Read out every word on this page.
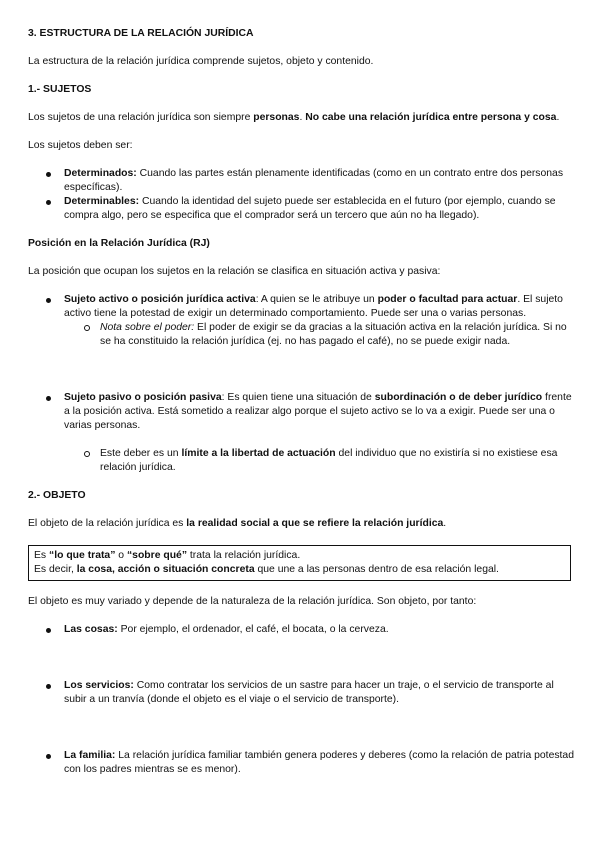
3. ESTRUCTURA DE LA RELACIÓN JURÍDICA

La estructura de la relación jurídica comprende sujetos, objeto y contenido.

1.- SUJETOS

Los sujetos de una relación jurídica son siempre personas. No cabe una relación jurídica entre persona y cosa.

Los sujetos deben ser:

Determinados: Cuando las partes están plenamente identificadas (como en un contrato entre dos personas específicas).
Determinables: Cuando la identidad del sujeto puede ser establecida en el futuro (por ejemplo, cuando se compra algo, pero se especifica que el comprador será un tercero que aún no ha llegado).

Posición en la Relación Jurídica (RJ)

La posición que ocupan los sujetos en la relación se clasifica en situación activa y pasiva:

Sujeto activo o posición jurídica activa: A quien se le atribuye un poder o facultad para actuar. El sujeto activo tiene la potestad de exigir un determinado comportamiento. Puede ser una o varias personas.
Nota sobre el poder: El poder de exigir se da gracias a la situación activa en la relación jurídica. Si no se ha constituido la relación jurídica (ej. no has pagado el café), no se puede exigir nada.
Sujeto pasivo o posición pasiva: Es quien tiene una situación de subordinación o de deber jurídico frente a la posición activa. Está sometido a realizar algo porque el sujeto activo se lo va a exigir. Puede ser una o varias personas.
Este deber es un límite a la libertad de actuación del individuo que no existiría si no existiese esa relación jurídica.

2.- OBJETO

El objeto de la relación jurídica es la realidad social a que se refiere la relación jurídica.

Es “lo que trata” o “sobre qué” trata la relación jurídica.

Es decir, la cosa, acción o situación concreta que une a las personas dentro de esa relación legal.

El objeto es muy variado y depende de la naturaleza de la relación jurídica. Son objeto, por tanto:

Las cosas: Por ejemplo, el ordenador, el café, el bocata, o la cerveza.
Los servicios: Como contratar los servicios de un sastre para hacer un traje, o el servicio de transporte al subir a un tranvía (donde el objeto es el viaje o el servicio de transporte).
La familia: La relación jurídica familiar también genera poderes y deberes (como la relación de patria potestad con los padres mientras se es menor).
